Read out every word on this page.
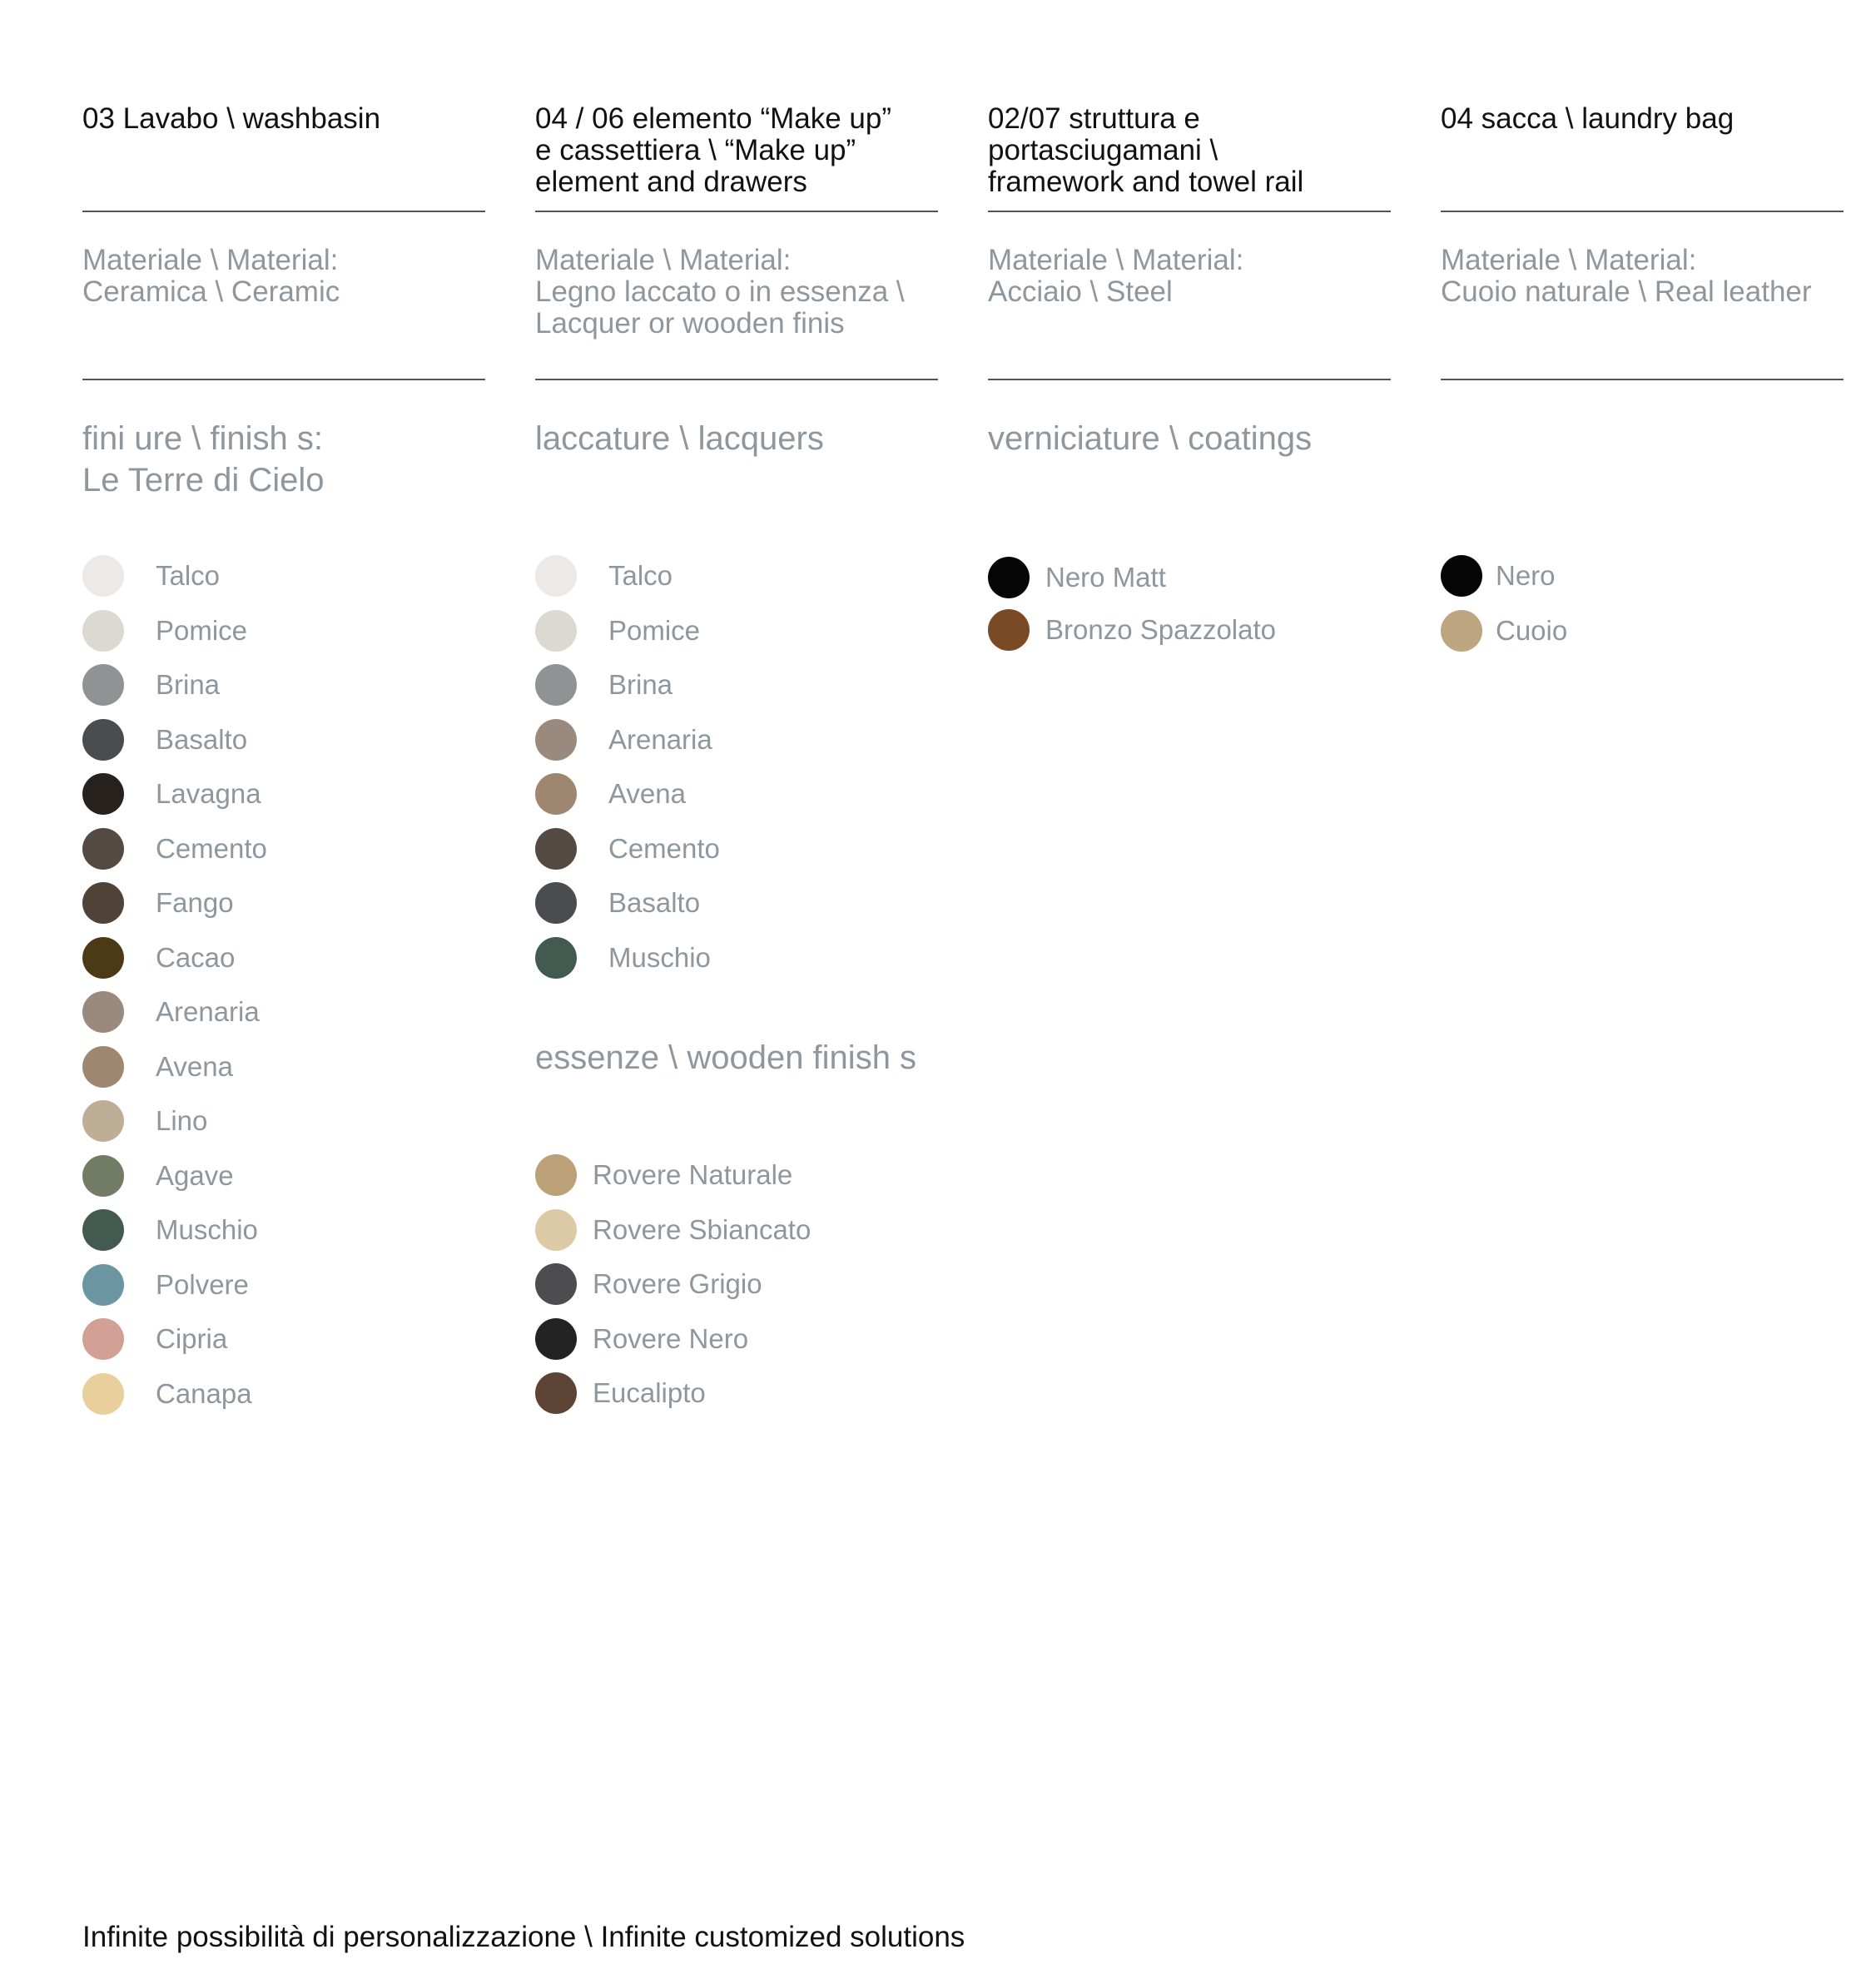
03 Lavabo \ washbasin
Materiale \ Material:
Ceramica \ Ceramic
fini ure \ finish s:
Le Terre di Cielo
Talco
Pomice
Brina
Basalto
Lavagna
Cemento
Fango
Cacao
Arenaria
Avena
Lino
Agave
Muschio
Polvere
Cipria
Canapa
04 / 06 elemento “Make up”
e cassettiera \ “Make up”
element and drawers
Materiale \ Material:
Legno laccato o in essenza \
Lacquer or wooden finis
laccature \ lacquers
Talco
Pomice
Brina
Arenaria
Avena
Cemento
Basalto
Muschio
essenze \ wooden finish s
Rovere Naturale
Rovere Sbiancato
Rovere Grigio
Rovere Nero
Eucalipto
02/07 struttura e
portasciugamani \
framework and towel rail
Materiale \ Material:
Acciaio \ Steel
verniciature \ coatings
Nero Matt
Bronzo Spazzolato
04 sacca \ laundry bag
Materiale \ Material:
Cuoio naturale \ Real leather
Nero
Cuoio
Infinite possibilità di personalizzazione \ Infinite customized solutions
